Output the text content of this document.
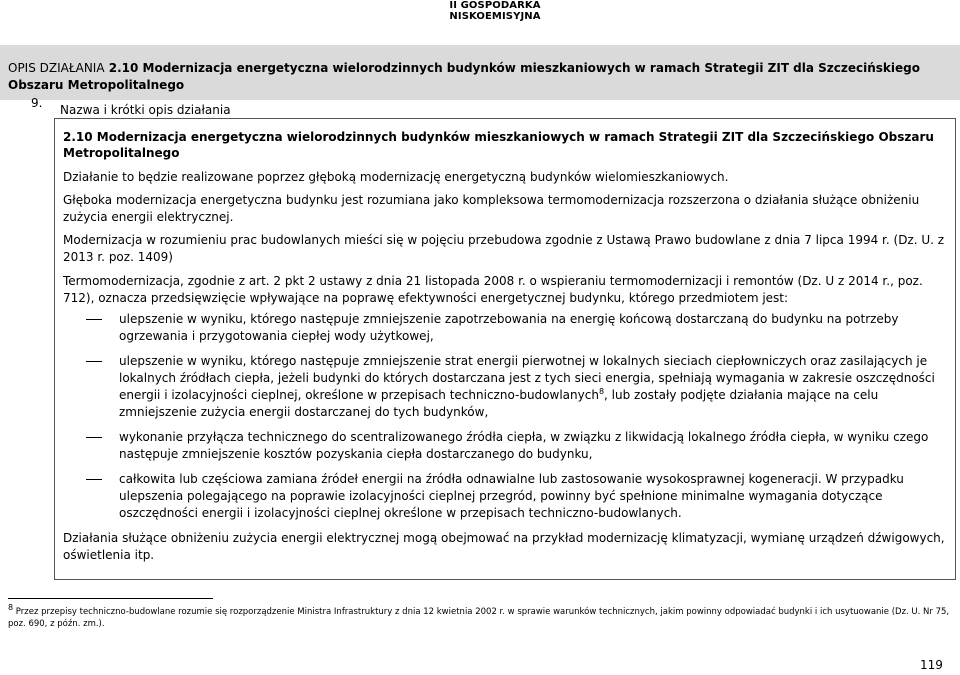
II GOSPODARKA NISKOEMISYJNA
OPIS DZIAŁANIA 2.10 Modernizacja energetyczna wielorodzinnych budynków mieszkaniowych w ramach Strategii ZIT dla Szczecińskiego Obszaru Metropolitalnego
9. Nazwa i krótki opis działania

2.10 Modernizacja energetyczna wielorodzinnych budynków mieszkaniowych w ramach Strategii ZIT dla Szczecińskiego Obszaru Metropolitalnego

Działanie to będzie realizowane poprzez głęboką modernizację energetyczną budynków wielomieszkaniowych.

Głęboka modernizacja energetyczna budynku jest rozumiana jako kompleksowa termomodernizacja rozszerzona o działania służące obniżeniu zużycia energii elektrycznej.

Modernizacja w rozumieniu prac budowlanych mieści się w pojęciu przebudowa zgodnie z Ustawą Prawo budowlane z dnia 7 lipca 1994 r. (Dz. U. z 2013 r. poz. 1409)

Termomodernizacja, zgodnie z art. 2 pkt 2 ustawy z dnia 21 listopada 2008 r. o wspieraniu termomodernizacji i remontów (Dz. U z 2014 r., poz. 712), oznacza przedsięwzięcie wpływające na poprawę efektywności energetycznej budynku, którego przedmiotem jest:

ulepszenie w wyniku, którego następuje zmniejszenie zapotrzebowania na energię końcową dostarczaną do budynku na potrzeby ogrzewania i przygotowania ciepłej wody użytkowej,
ulepszenie w wyniku, którego następuje zmniejszenie strat energii pierwotnej w lokalnych sieciach ciepłowniczych oraz zasilających je lokalnych źródłach ciepła, jeżeli budynki do których dostarczana jest z tych sieci energia, spełniają wymagania w zakresie oszczędności energii i izolacyjności cieplnej, określone w przepisach techniczno-budowlanych$^8$, lub zostały podjęte działania mające na celu zmniejszenie zużycia energii dostarczanej do tych budynków,
wykonanie przyłącza technicznego do scentralizowanego źródła ciepła, w związku z likwidacją lokalnego źródła ciepła, w wyniku czego następuje zmniejszenie kosztów pozyskania ciepła dostarczanego do budynku,
całkowita lub częściowa zamiana źródeł energii na źródła odnawialne lub zastosowanie wysokosprawnej kogeneracji. W przypadku ulepszenia polegającego na poprawie izolacyjności cieplnej przegród, powinny być spełnione minimalne wymagania dotyczące oszczędności energii i izolacyjności cieplnej określone w przepisach techniczno-budowlanych.

Działania służące obniżeniu zużycia energii elektrycznej mogą obejmować na przykład modernizację klimatyzacji, wymianę urządzeń dźwigowych, oświetlenia itp.

$^8$ Przez przepisy techniczno-budowlane rozumie się rozporządzenie Ministra Infrastruktury z dnia 12 kwietnia 2002 r. w sprawie warunków technicznych, jakim powinny odpowiadać budynki i ich usytuowanie (Dz. U. Nr 75, poz. 690, z późn. zm.).
119
